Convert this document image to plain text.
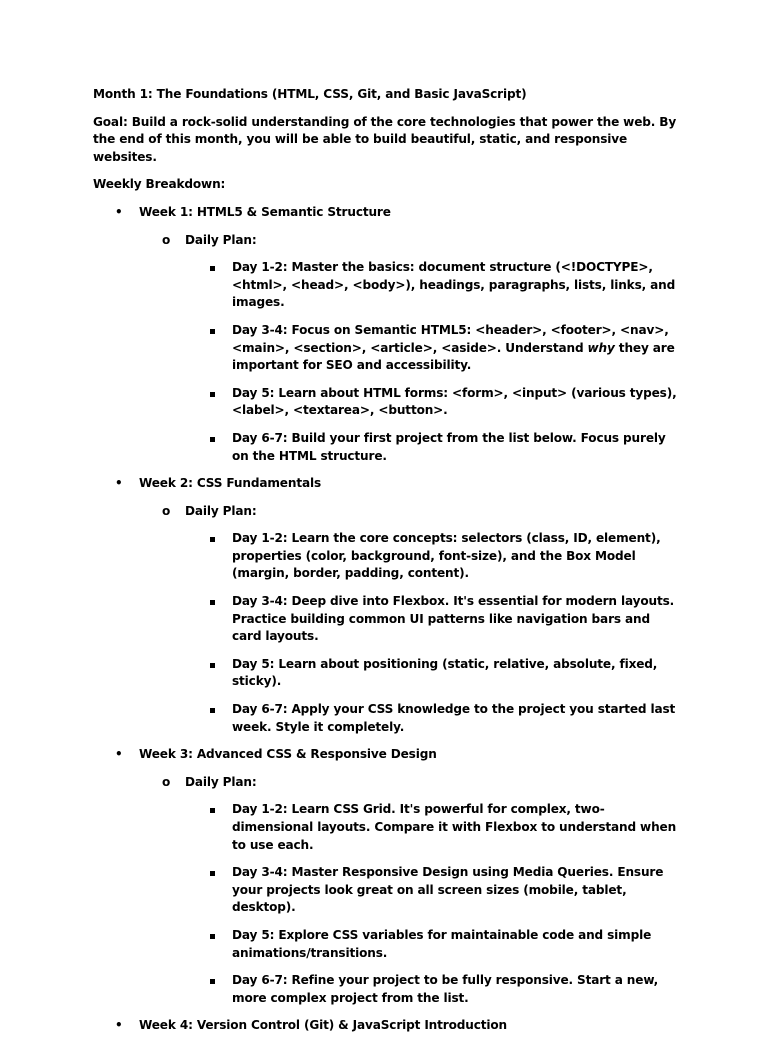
Month 1: The Foundations (HTML, CSS, Git, and Basic JavaScript)
Goal: Build a rock-solid understanding of the core technologies that power the web. By the end of this month, you will be able to build beautiful, static, and responsive websites.
Weekly Breakdown:
• Week 1: HTML5 & Semantic Structure
o Daily Plan:
Day 1-2: Master the basics: document structure (<!DOCTYPE>, <html>, <head>, <body>), headings, paragraphs, lists, links, and images.
Day 3-4: Focus on Semantic HTML5: <header>, <footer>, <nav>, <main>, <section>, <article>, <aside>. Understand why they are important for SEO and accessibility.
Day 5: Learn about HTML forms: <form>, <input> (various types), <label>, <textarea>, <button>.
Day 6-7: Build your first project from the list below. Focus purely on the HTML structure.
• Week 2: CSS Fundamentals
o Daily Plan:
Day 1-2: Learn the core concepts: selectors (class, ID, element), properties (color, background, font-size), and the Box Model (margin, border, padding, content).
Day 3-4: Deep dive into Flexbox. It's essential for modern layouts. Practice building common UI patterns like navigation bars and card layouts.
Day 5: Learn about positioning (static, relative, absolute, fixed, sticky).
Day 6-7: Apply your CSS knowledge to the project you started last week. Style it completely.
• Week 3: Advanced CSS & Responsive Design
o Daily Plan:
Day 1-2: Learn CSS Grid. It's powerful for complex, two-dimensional layouts. Compare it with Flexbox to understand when to use each.
Day 3-4: Master Responsive Design using Media Queries. Ensure your projects look great on all screen sizes (mobile, tablet, desktop).
Day 5: Explore CSS variables for maintainable code and simple animations/transitions.
Day 6-7: Refine your project to be fully responsive. Start a new, more complex project from the list.
• Week 4: Version Control (Git) & JavaScript Introduction
